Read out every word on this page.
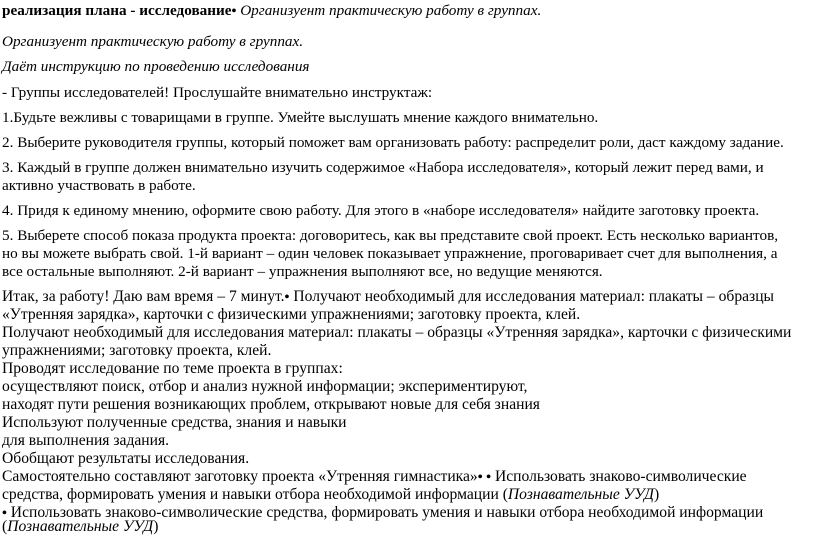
реализация плана - исследование• Организуент практическую работу в группах.
Организуент практическую работу в группах.
Даёт инструкцию по проведению исследования
- Группы исследователей! Прослушайте внимательно инструктаж:
1.Будьте вежливы с товарищами в группе. Умейте выслушать мнение каждого внимательно.
2. Выберите руководителя группы, который поможет вам организовать работу: распределит роли, даст каждому задание.
3. Каждый в группе должен внимательно изучить содержимое «Набора исследователя», который лежит перед вами, и
активно участвовать в работе.
4. Придя к единому мнению, оформите свою работу. Для этого в «наборе исследователя» найдите заготовку проекта.
5. Выберете способ показа продукта проекта: договоритесь, как вы представите свой проект. Есть несколько вариантов,
но вы можете выбрать свой. 1-й вариант – один человек показывает упражнение, проговаривает счет для выполнения, а
все остальные выполняют. 2-й вариант – упражнения выполняют все, но ведущие меняются.
Итак, за работу! Даю вам время – 7 минут.• Получают необходимый для исследования материал: плакаты – образцы
«Утренняя зарядка», карточки с физическими упражнениями; заготовку проекта, клей.
Получают необходимый для исследования материал: плакаты – образцы «Утренняя зарядка», карточки с физическими
упражнениями; заготовку проекта, клей.
Проводят исследование по теме проекта в группах:
осуществляют поиск, отбор и анализ нужной информации; экспериментируют,
находят пути решения возникающих проблем, открывают новые для себя знания
Используют полученные средства, знания и навыки
для выполнения задания.
Обобщают результаты исследования.
Самостоятельно составляют заготовку проекта «Утренняя гимнастика»• • Использовать знаково-символические
средства, формировать умения и навыки отбора необходимой информации (Познавательные УУД)
• Использовать знаково-символические средства, формировать умения и навыки отбора необходимой информации
(Познавательные УУД)
